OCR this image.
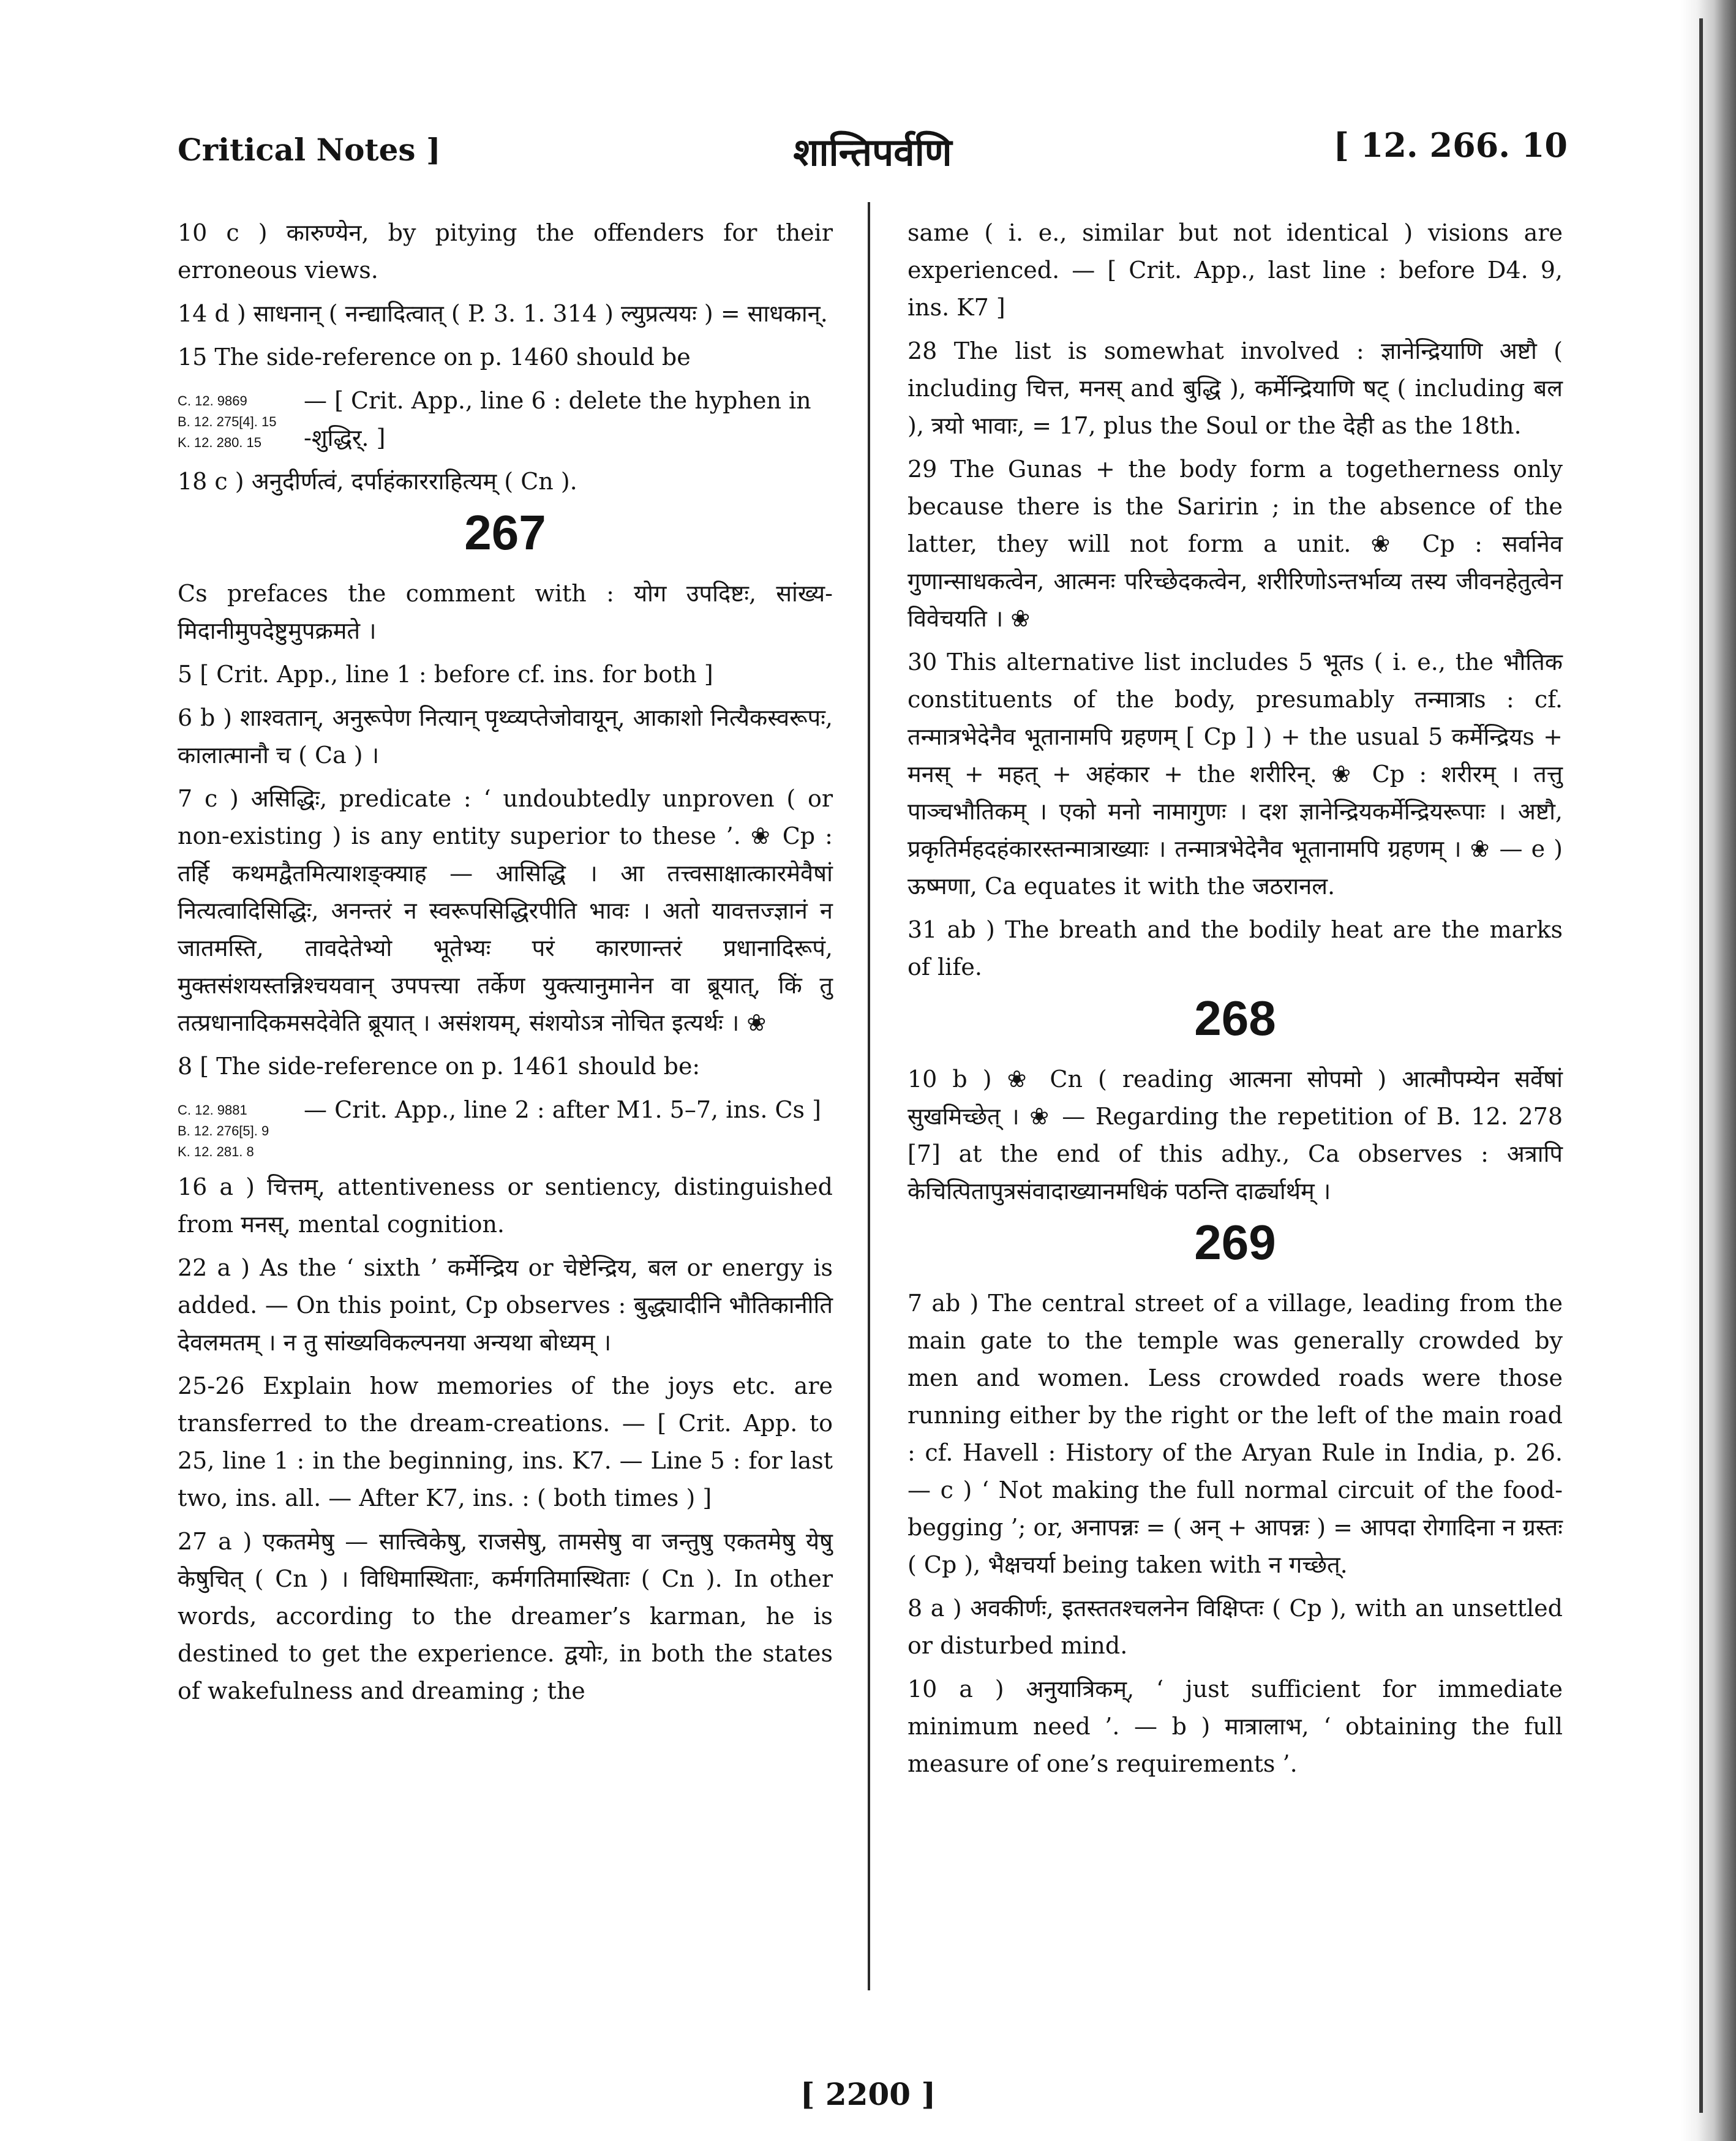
Critical Notes ]	शान्तिपर्वणि	[ 12. 266. 10

10 c ) कारुण्येन, by pitying the offenders for their erroneous views.

14 d ) साधनान् ( नन्द्यादित्वात् ( P. 3. 1. 314 ) ल्युप्रत्ययः ) = साधकान्.

15 The side-reference on p. 1460 should be

C. 12. 9869
B. 12. 275[4]. 15
K. 12. 280. 15
— [ Crit. App., line 6 : delete the hyphen in -शुद्धिर्. ]

18 c ) अनुदीर्णत्वं, दर्पाहंकारराहित्यम् ( Cn ).

267

Cs prefaces the comment with : योग उपदिष्टः, सांख्य- मिदानीमुपदेष्टुमुपक्रमते ।

5 [ Crit. App., line 1 : before cf. ins. for both ]

6 b ) शाश्वतान्, अनुरूपेण नित्यान् पृथ्व्यप्तेजोवायून्, आकाशो नित्यैकस्वरूपः, कालात्मानौ च ( Ca ) ।

7 c ) असिद्धिः, predicate : ‘ undoubtedly unproven ( or non-existing ) is any entity superior to these ’. ❀ Cp : तर्हि कथमद्वैतमित्याशङ्क्याह — आसिद्धि । आ तत्त्वसाक्षात्कारमेवैषां नित्यत्वादिसिद्धिः, अनन्तरं न स्वरूपसिद्धिरपीति भावः । अतो यावत्तज्ज्ञानं न जातमस्ति, तावदेतेभ्यो भूतेभ्यः परं कारणान्तरं प्रधानादिरूपं, मुक्तसंशयस्तन्निश्चयवान् उपपत्त्या तर्केण युक्त्यानुमानेन वा ब्रूयात्, किं तु तत्प्रधानादिकमसदेवेति ब्रूयात् । असंशयम्, संशयोऽत्र नोचित इत्यर्थः । ❀

8 [ The side-reference on p. 1461 should be:

C. 12. 9881
B. 12. 276[5]. 9
K. 12. 281. 8
— Crit. App., line 2 : after M1. 5–7, ins. Cs ]

16 a ) चित्तम्, attentiveness or sentiency, distinguished from मनस्, mental cognition.

22 a ) As the ‘ sixth ’ कर्मेन्द्रिय or चेष्टेन्द्रिय, बल or energy is added. — On this point, Cp observes : बुद्ध्यादीनि भौतिकानीति देवलमतम् । न तु सांख्यविकल्पनया अन्यथा बोध्यम् ।

25-26 Explain how memories of the joys etc. are transferred to the dream-creations. — [ Crit. App. to 25, line 1 : in the beginning, ins. K7. — Line 5 : for last two, ins. all. — After K7, ins. : ( both times ) ]

27 a ) एकतमेषु — सात्त्विकेषु, राजसेषु, तामसेषु वा जन्तुषु एकतमेषु येषु केषुचित् ( Cn ) । विधिमास्थिताः, कर्मगतिमास्थिताः ( Cn ). In other words, according to the dreamer’s karman, he is destined to get the experience. द्वयोः, in both the states of wakefulness and dreaming ; the

same ( i. e., similar but not identical ) visions are experienced. — [ Crit. App., last line : before D4. 9, ins. K7 ]

28 The list is somewhat involved : ज्ञानेन्द्रियाणि अष्टौ ( including चित्त, मनस् and बुद्धि ), कर्मेन्द्रियाणि षट् ( including बल ), त्रयो भावाः, = 17, plus the Soul or the देही as the 18th.

29 The Gunas + the body form a togetherness only because there is the Saririn ; in the absence of the latter, they will not form a unit. ❀ Cp : सर्वानेव गुणान्साधकत्वेन, आत्मनः परिच्छेदकत्वेन, शरीरिणोऽन्तर्भाव्य तस्य जीवनहेतुत्वेन विवेचयति । ❀

30 This alternative list includes 5 भूतs ( i. e., the भौतिक constituents of the body, presumably तन्मात्राs : cf. तन्मात्रभेदेनैव भूतानामपि ग्रहणम् [ Cp ] ) + the usual 5 कर्मेन्द्रियs + मनस् + महत् + अहंकार + the शरीरिन्. ❀ Cp : शरीरम् । तत्तु पाञ्चभौतिकम् । एको मनो नामागुणः । दश ज्ञानेन्द्रियकर्मेन्द्रियरूपाः । अष्टौ, प्रकृतिर्महदहंकारस्तन्मात्राख्याः । तन्मात्रभेदेनैव भूतानामपि ग्रहणम् । ❀ — e ) ऊष्मणा, Ca equates it with the जठरानल.

31 ab ) The breath and the bodily heat are the marks of life.

268

10 b ) ❀ Cn ( reading आत्मना सोपमो ) आत्मौपम्येन सर्वेषां सुखमिच्छेत् । ❀ — Regarding the repetition of B. 12. 278 [7] at the end of this adhy., Ca observes : अत्रापि केचित्पितापुत्रसंवादाख्यानमधिकं पठन्ति दार्ढ्यार्थम् ।

269

7 ab ) The central street of a village, leading from the main gate to the temple was generally crowded by men and women. Less crowded roads were those running either by the right or the left of the main road : cf. Havell : History of the Aryan Rule in India, p. 26. — c ) ‘ Not making the full normal circuit of the food-begging ’; or, अनापन्नः = ( अन् + आपन्नः ) = आपदा रोगादिना न ग्रस्तः ( Cp ), भैक्षचर्या being taken with न गच्छेत्.

8 a ) अवकीर्णः, इतस्ततश्चलनेन विक्षिप्तः ( Cp ), with an unsettled or disturbed mind.

10 a ) अनुयात्रिकम्, ‘ just sufficient for immediate minimum need ’. — b ) मात्रालाभ, ‘ obtaining the full measure of one’s requirements ’.

[ 2200 ]
